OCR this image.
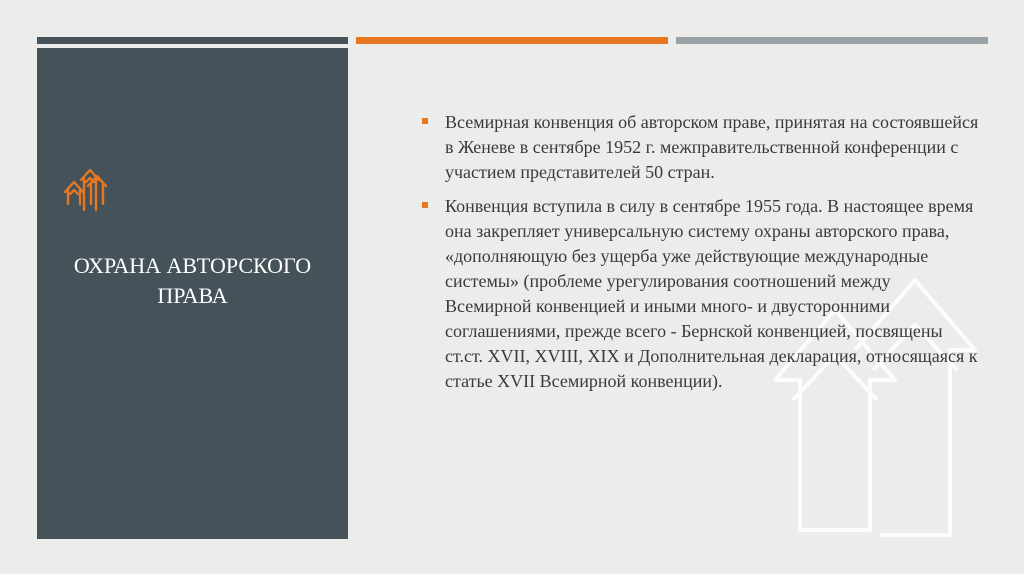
ОХРАНА АВТОРСКОГО ПРАВА
Всемирная конвенция об авторском праве, принятая на состоявшейся в Женеве в сентябре 1952 г. межправительственной конференции с участием представителей 50 стран.
Конвенция вступила в силу в сентябре 1955 года. В настоящее время она закрепляет универсальную систему охраны авторского права, «дополняющую без ущерба уже действующие международные системы» (проблеме урегулирования соотношений между Всемирной конвенцией и иными много- и двусторонними соглашениями, прежде всего - Бернской конвенцией, посвящены ст.ст. XVII, XVIII, XIX и Дополнительная декларация, относящаяся к статье XVII Всемирной конвенции).
